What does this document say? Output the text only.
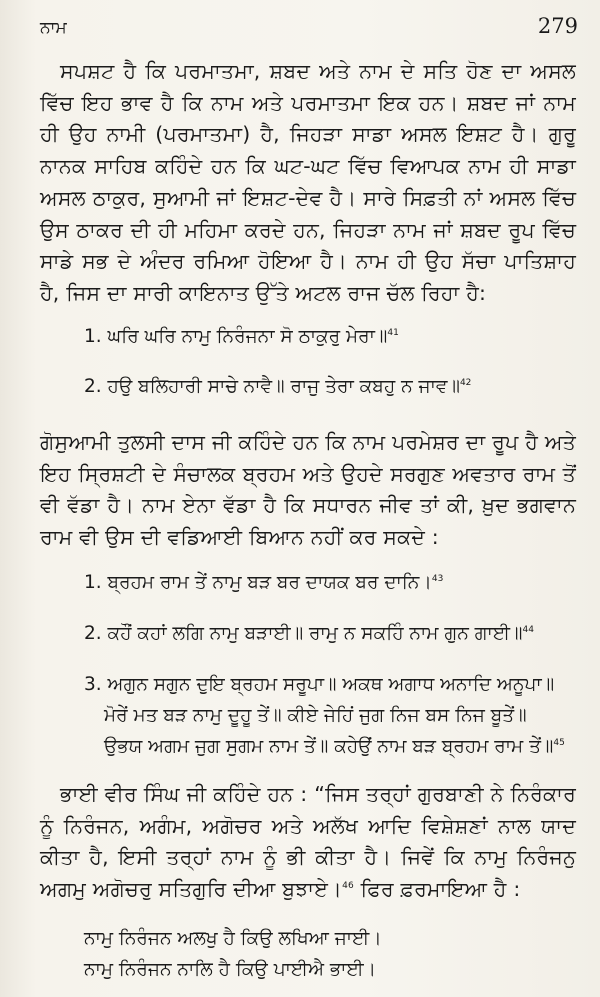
ਨਾਮ	279
ਸਪਸ਼ਟ ਹੈ ਕਿ ਪਰਮਾਤਮਾ, ਸ਼ਬਦ ਅਤੇ ਨਾਮ ਦੇ ਸਤਿ ਹੋਣ ਦਾ ਅਸਲ ਵਿੱਚ ਇਹ ਭਾਵ ਹੈ ਕਿ ਨਾਮ ਅਤੇ ਪਰਮਾਤਮਾ ਇਕ ਹਨ। ਸ਼ਬਦ ਜਾਂ ਨਾਮ ਹੀ ਉਹ ਨਾਮੀ (ਪਰਮਾਤਮਾ) ਹੈ, ਜਿਹੜਾ ਸਾਡਾ ਅਸਲ ਇਸ਼ਟ ਹੈ। ਗੁਰੂ ਨਾਨਕ ਸਾਹਿਬ ਕਹਿੰਦੇ ਹਨ ਕਿ ਘਟ-ਘਟ ਵਿੱਚ ਵਿਆਪਕ ਨਾਮ ਹੀ ਸਾਡਾ ਅਸਲ ਠਾਕੁਰ, ਸੁਆਮੀ ਜਾਂ ਇਸ਼ਟ-ਦੇਵ ਹੈ। ਸਾਰੇ ਸਿਫ਼ਤੀ ਨਾਂ ਅਸਲ ਵਿੱਚ ਉਸ ਠਾਕਰ ਦੀ ਹੀ ਮਹਿਮਾ ਕਰਦੇ ਹਨ, ਜਿਹੜਾ ਨਾਮ ਜਾਂ ਸ਼ਬਦ ਰੂਪ ਵਿੱਚ ਸਾਡੇ ਸਭ ਦੇ ਅੰਦਰ ਰਮਿਆ ਹੋਇਆ ਹੈ। ਨਾਮ ਹੀ ਉਹ ਸੱਚਾ ਪਾਤਿਸ਼ਾਹ ਹੈ, ਜਿਸ ਦਾ ਸਾਰੀ ਕਾਇਨਾਤ ਉੱਤੇ ਅਟਲ ਰਾਜ ਚੱਲ ਰਿਹਾ ਹੈ:
1. ਘਰਿ ਘਰਿ ਨਾਮੁ ਨਿਰੰਜਨਾ ਸੋ ਠਾਕੁਰੁ ਮੇਰਾ॥$^{41}$
2. ਹਉ ਬਲਿਹਾਰੀ ਸਾਚੇ ਨਾਵੈ॥ ਰਾਜੁ ਤੇਰਾ ਕਬਹੁ ਨ ਜਾਵ॥$^{42}$
ਗੋਸੁਆਮੀ ਤੁਲਸੀ ਦਾਸ ਜੀ ਕਹਿੰਦੇ ਹਨ ਕਿ ਨਾਮ ਪਰਮੇਸ਼ਰ ਦਾ ਰੂਪ ਹੈ ਅਤੇ ਇਹ ਸ੍ਰਿਸ਼ਟੀ ਦੇ ਸੰਚਾਲਕ ਬ੍ਰਹਮ ਅਤੇ ਉਹਦੇ ਸਰਗੁਣ ਅਵਤਾਰ ਰਾਮ ਤੋਂ ਵੀ ਵੱਡਾ ਹੈ। ਨਾਮ ਏਨਾ ਵੱਡਾ ਹੈ ਕਿ ਸਧਾਰਨ ਜੀਵ ਤਾਂ ਕੀ, ਖ਼ੁਦ ਭਗਵਾਨ ਰਾਮ ਵੀ ਉਸ ਦੀ ਵਡਿਆਈ ਬਿਆਨ ਨਹੀਂ ਕਰ ਸਕਦੇ :
1. ਬ੍ਰਹਮ ਰਾਮ ਤੇਂ ਨਾਮੁ ਬੜ ਬਰ ਦਾਯਕ ਬਰ ਦਾਨਿ।$^{43}$
2. ਕਹੌਂ ਕਹਾਂ ਲਗਿ ਨਾਮੁ ਬੜਾਈ॥ ਰਾਮੁ ਨ ਸਕਹਿੰ ਨਾਮ ਗੁਨ ਗਾਈ॥$^{44}$
3. ਅਗੁਨ ਸਗੁਨ ਦੁਇ ਬ੍ਰਹਮ ਸਰੂਪਾ॥ ਅਕਥ ਅਗਾਧ ਅਨਾਦਿ ਅਨੂਪਾ॥
ਮੋਰੇਂ ਮਤ ਬੜ ਨਾਮੁ ਦੂਹੂ ਤੇਂ॥ ਕੀਏ ਜੇਹਿਂ ਜੁਗ ਨਿਜ ਬਸ ਨਿਜ ਬੂਤੇਂ॥
ਉਭਯ ਅਗਮ ਜੁਗ ਸੁਗਮ ਨਾਮ ਤੇਂ॥ ਕਹੇਉਂ ਨਾਮ ਬੜ ਬ੍ਰਹਮ ਰਾਮ ਤੇਂ॥$^{45}$
ਭਾਈ ਵੀਰ ਸਿੰਘ ਜੀ ਕਹਿੰਦੇ ਹਨ : “ਜਿਸ ਤਰ੍ਹਾਂ ਗੁਰਬਾਣੀ ਨੇ ਨਿਰੰਕਾਰ ਨੂੰ ਨਿਰੰਜਨ, ਅਗੰਮ, ਅਗੋਚਰ ਅਤੇ ਅਲੱਖ ਆਦਿ ਵਿਸ਼ੇਸ਼ਣਾਂ ਨਾਲ ਯਾਦ ਕੀਤਾ ਹੈ, ਇਸੀ ਤਰ੍ਹਾਂ ਨਾਮ ਨੂੰ ਭੀ ਕੀਤਾ ਹੈ। ਜਿਵੇਂ ਕਿ ਨਾਮੁ ਨਿਰੰਜਨੁ ਅਗਮੁ ਅਗੋਚਰੁ ਸਤਿਗੁਰਿ ਦੀਆ ਬੁਝਾਏ।$^{46}$ ਫਿਰ ਫ਼ਰਮਾਇਆ ਹੈ :
ਨਾਮੁ ਨਿਰੰਜਨ ਅਲਖੁ ਹੈ ਕਿਉ ਲਖਿਆ ਜਾਈ।
ਨਾਮੁ ਨਿਰੰਜਨ ਨਾਲਿ ਹੈ ਕਿਉ ਪਾਈਐ ਭਾਈ।
